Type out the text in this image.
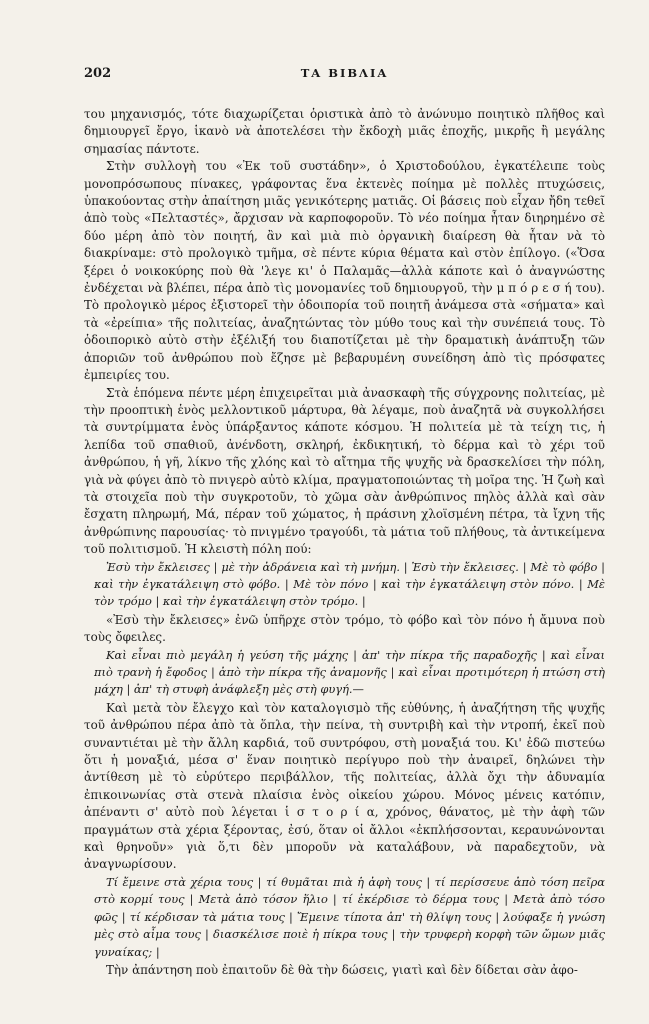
202	ΤΑ ΒΙΒΛΙΑ

του μηχανισμός, τότε διαχωρίζεται ὁριστικὰ ἀπὸ τὸ ἀνώνυμο ποιητικὸ πλῆθος καὶ δημιουργεῖ ἔργο, ἱκανὸ νὰ ἀποτελέσει τὴν ἔκδοχὴ μιᾶς ἐποχῆς, μικρῆς ἢ μεγάλης σημασίας πάντοτε.

Στὴν συλλογὴ του «Ἐκ τοῦ συστάδην», ὁ Χριστοδούλου, ἐγκατέλειπε τοὺς μονοπρόσωπους πίνακες, γράφοντας ἕνα ἐκτενὲς ποίημα μὲ πολλὲς πτυχώσεις, ὑπακούοντας στὴν ἀπαίτηση μιᾶς γενικότερης ματιᾶς. Οἱ βάσεις ποὺ εἶχαν ἤδη τεθεῖ ἀπὸ τοὺς «Πελταστές», ἄρχισαν νὰ καρποφοροῦν. Τὸ νέο ποίημα ἦταν διηρημένο σὲ δύο μέρη ἀπὸ τὸν ποιητή, ἂν καὶ μιὰ πιὸ ὀργανικὴ διαίρεση θὰ ἦταν νὰ τὸ διακρίναμε: στὸ προλογικὸ τμῆμα, σὲ πέντε κύρια θέματα καὶ στὸν ἐπίλογο. («Ὅσα ξέρει ὁ νοικοκύρης ποὺ θὰ 'λεγε κι' ὁ Παλαμᾶς—ἀλλὰ κάποτε καὶ ὁ ἀναγνώστης ἐνδέχεται νὰ βλέπει, πέρα ἀπὸ τὶς μονομανίες τοῦ δημιουργοῦ, τὴν μ π ό ρ ε σ ή του). Τὸ προλογικὸ μέρος ἐξιστορεῖ τὴν ὁδοιπορία τοῦ ποιητῆ ἀνάμεσα στὰ «σήματα» καὶ τὰ «ἐρείπια» τῆς πολιτείας, ἀναζητώντας τὸν μύθο τους καὶ τὴν συνέπειά τους. Τὸ ὁδοιπορικὸ αὐτὸ στὴν ἐξέλιξή του διαποτίζεται μὲ τὴν δραματικὴ ἀνάπτυξη τῶν ἀποριῶν τοῦ ἀνθρώπου ποὺ ἔζησε μὲ βεβαρυμένη συνείδηση ἀπὸ τὶς πρόσφατες ἐμπειρίες του.

Στὰ ἑπόμενα πέντε μέρη ἐπιχειρεῖται μιὰ ἀνασκαφὴ τῆς σύγχρονης πολιτείας, μὲ τὴν προοπτικὴ ἑνὸς μελλοντικοῦ μάρτυρα, θὰ λέγαμε, ποὺ ἀναζητᾶ νὰ συγκολλήσει τὰ συντρίμματα ἑνὸς ὑπάρξαντος κάποτε κόσμου. Ἡ πολιτεία μὲ τὰ τείχη τις, ἡ λεπίδα τοῦ σπαθιοῦ, ἀνένδοτη, σκληρή, ἐκδικητική, τὸ δέρμα καὶ τὸ χέρι τοῦ ἀνθρώπου, ἡ γῆ, λίκνο τῆς χλόης καὶ τὸ αἴτημα τῆς ψυχῆς νὰ δρασκελίσει τὴν πόλη, γιὰ νὰ φύγει ἀπὸ τὸ πνιγερὸ αὐτὸ κλίμα, πραγματοποιώντας τὴ μοῖρα της. Ἡ ζωὴ καὶ τὰ στοιχεῖα ποὺ τὴν συγκροτοῦν, τὸ χῶμα σὰν ἀνθρώπινος πηλὸς ἀλλὰ καὶ σὰν ἔσχατη πληρωμή, Μά, πέραν τοῦ χώματος, ἡ πράσινη χλοϊσμένη πέτρα, τὰ ἴχνη τῆς ἀνθρώπινης παρουσίας· τὸ πνιγμένο τραγούδι, τὰ μάτια τοῦ πλήθους, τὰ ἀντικείμενα τοῦ πολιτισμοῦ. Ἡ κλειστὴ πόλη πού:

Ἐσὺ τὴν ἔκλεισες | μὲ τὴν ἀδράνεια καὶ τὴ μνήμη. | Ἐσὺ τὴν ἔκλεισες. | Μὲ τὸ φόβο | καὶ τὴν ἐγκατάλειψη στὸ φόβο. | Μὲ τὸν πόνο | καὶ τὴν ἐγκατάλειψη στὸν πόνο. | Μὲ τὸν τρόμο | καὶ τὴν ἐγκατάλειψη στὸν τρόμο. |

«Ἐσὺ τὴν ἔκλεισες» ἐνῶ ὑπῆρχε στὸν τρόμο, τὸ φόβο καὶ τὸν πόνο ἡ ἄμυνα ποὺ τοὺς ὄφειλες.

Καὶ εἶναι πιὸ μεγάλη ἡ γεύση τῆς μάχης | ἀπ' τὴν πίκρα τῆς παραδοχῆς | καὶ εἶναι πιὸ τρανὴ ἡ ἔφοδος | ἀπὸ τὴν πίκρα τῆς ἀναμονῆς | καὶ εἶναι προτιμότερη ἡ πτώση στὴ μάχη | ἀπ' τὴ στυφὴ ἀνάφλεξη μὲς στὴ φυγή.—

Καὶ μετὰ τὸν ἔλεγχο καὶ τὸν καταλογισμὸ τῆς εὐθύνης, ἡ ἀναζήτηση τῆς ψυχῆς τοῦ ἀνθρώπου πέρα ἀπὸ τὰ ὅπλα, τὴν πείνα, τὴ συντριβὴ καὶ τὴν ντροπή, ἐκεῖ ποὺ συναντιέται μὲ τὴν ἄλλη καρδιά, τοῦ συντρόφου, στὴ μοναξιά του. Κι' ἐδῶ πιστεύω ὅτι ἡ μοναξιά, μέσα σ' ἕναν ποιητικὸ περίγυρο ποὺ τὴν ἀναιρεῖ, δηλώνει τὴν ἀντίθεση μὲ τὸ εὐρύτερο περιβάλλον, τῆς πολιτείας, ἀλλὰ ὄχι τὴν ἀδυναμία ἐπικοινωνίας στὰ στενὰ πλαίσια ἑνὸς οἰκείου χώρου. Μόνος μένεις κατόπιν, ἀπέναντι σ' αὐτὸ ποὺ λέγεται ἱ σ τ ο ρ ί α, χρόνος, θάνατος, μὲ τὴν ἀφὴ τῶν πραγμάτων στὰ χέρια ξέροντας, ἐσύ, ὅταν οἱ ἄλλοι «ἐκπλήσσονται, κεραυνώνονται καὶ θρηνοῦν» γιὰ ὅ,τι δὲν μποροῦν νὰ καταλάβουν, νὰ παραδεχτοῦν, νὰ ἀναγνωρίσουν.

Τί ἔμεινε στὰ χέρια τους | τί θυμᾶται πιὰ ἡ ἀφὴ τους | τί περίσσευε ἀπὸ τόση πεῖρα στὸ κορμί τους | Μετὰ ἀπὸ τόσον ἥλιο | τί ἐκέρδισε τὸ δέρμα τους | Μετὰ ἀπὸ τόσο φῶς | τί κέρδισαν τὰ μάτια τους | Ἔμεινε τίποτα ἀπ' τὴ θλίψη τους | λούφαξε ἡ γνώση μὲς στὸ αἷμα τους | διασκέλισε ποιὲ ἡ πίκρα τους | τὴν τρυφερὴ κορφὴ τῶν ὤμων μιᾶς γυναίκας; |

Τὴν ἀπάντηση ποὺ ἐπαιτοῦν δὲ θὰ τὴν δώσεις, γιατὶ καὶ δὲν δίδεται σὰν ἀφο-
